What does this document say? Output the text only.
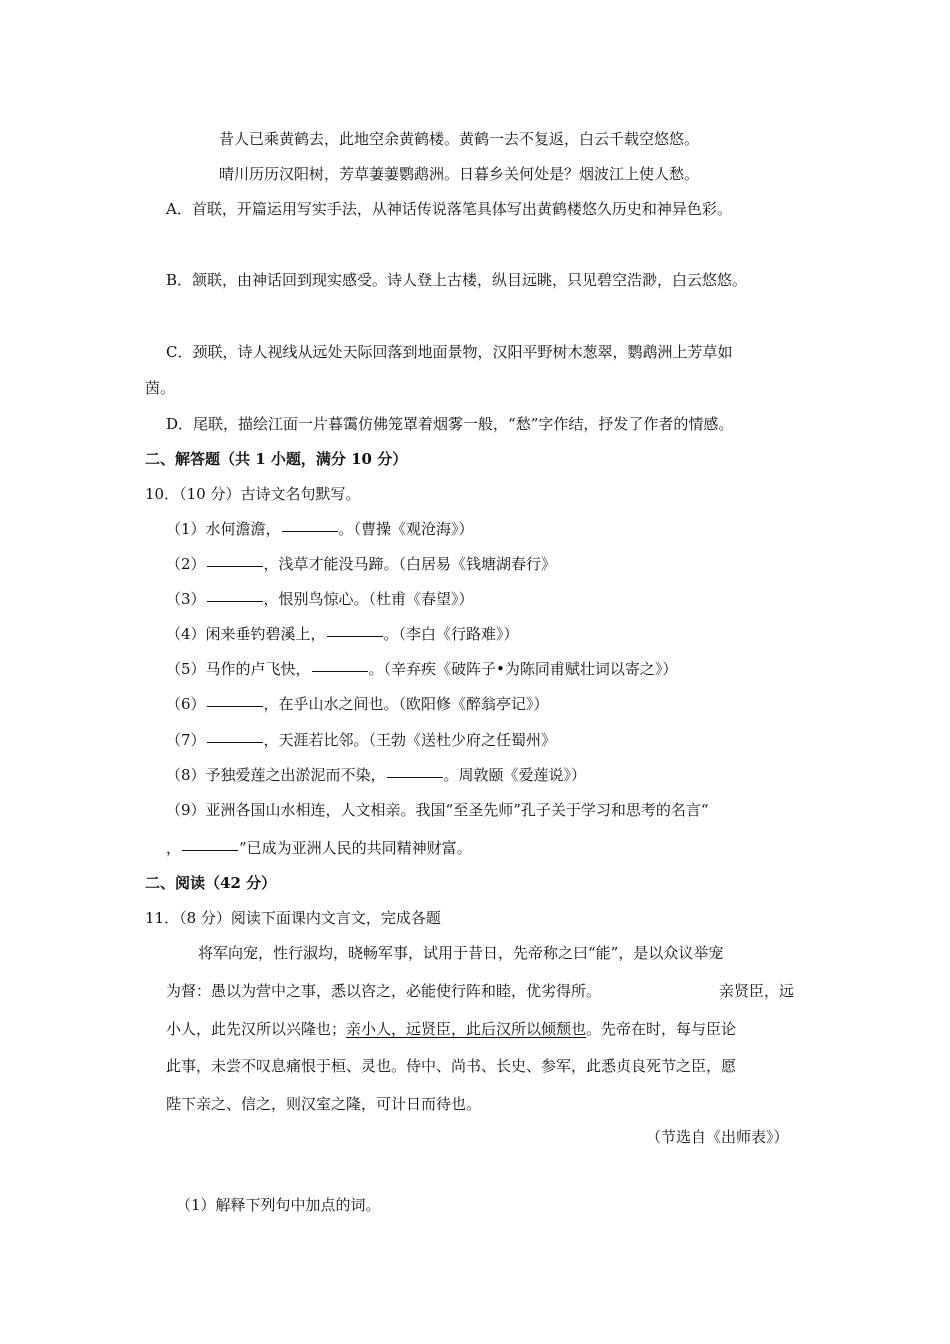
昔人已乘黄鹤去，此地空余黄鹤楼。黄鹤一去不复返，白云千载空悠悠。
晴川历历汉阳树，芳草萋萋鹦鹉洲。日暮乡关何处是？烟波江上使人愁。
A．首联，开篇运用写实手法，从神话传说落笔具体写出黄鹤楼悠久历史和神异色彩。
B．颔联，由神话回到现实感受。诗人登上古楼，纵目远眺，只见碧空浩渺，白云悠悠。
C．颈联，诗人视线从远处天际回落到地面景物，汉阳平野树木葱翠，鹦鹉洲上芳草如
茵。
D．尾联，描绘江面一片暮霭仿佛笼罩着烟雾一般，“愁”字作结，抒发了作者的情感。
二、解答题（共 1 小题，满分 10 分）
10．（10 分）古诗文名句默写。
（1）水何澹澹，	。（曹操《观沧海》）
（2）	，浅草才能没马蹄。（白居易《钱塘湖春行》
（3）	，恨别鸟惊心。（杜甫《春望》）
（4）闲来垂钓碧溪上，	。（李白《行路难》）
（5）马作的卢飞快，	。（辛弃疾《破阵子•为陈同甫赋壮词以寄之》）
（6）	，在乎山水之间也。（欧阳修《醉翁亭记》）
（7）	，天涯若比邻。（王勃《送杜少府之任蜀州》
（8）予独爱莲之出淤泥而不染，	。周敦颐《爱莲说》）
（9）亚洲各国山水相连，人文相亲。我国“至圣先师”孔子关于学习和思考的名言“
，	”已成为亚洲人民的共同精神财富。
二、阅读（42 分）
11．（8 分）阅读下面课内文言文，完成各题
将军向宠，性行淑均，晓畅军事，试用于昔日，先帝称之曰“能”，是以众议举宠
为督：愚以为营中之事，悉以咨之，必能使行阵和睦，优劣得所。	亲贤臣，远
小人，此先汉所以兴隆也；亲小人，远贤臣，此后汉所以倾颓也。先帝在时，每与臣论
此事，未尝不叹息痛恨于桓、灵也。侍中、尚书、长史、参军，此悉贞良死节之臣，愿
陛下亲之、信之，则汉室之隆，可计日而待也。
（节选自《出师表》）
（1）解释下列句中加点的词。
